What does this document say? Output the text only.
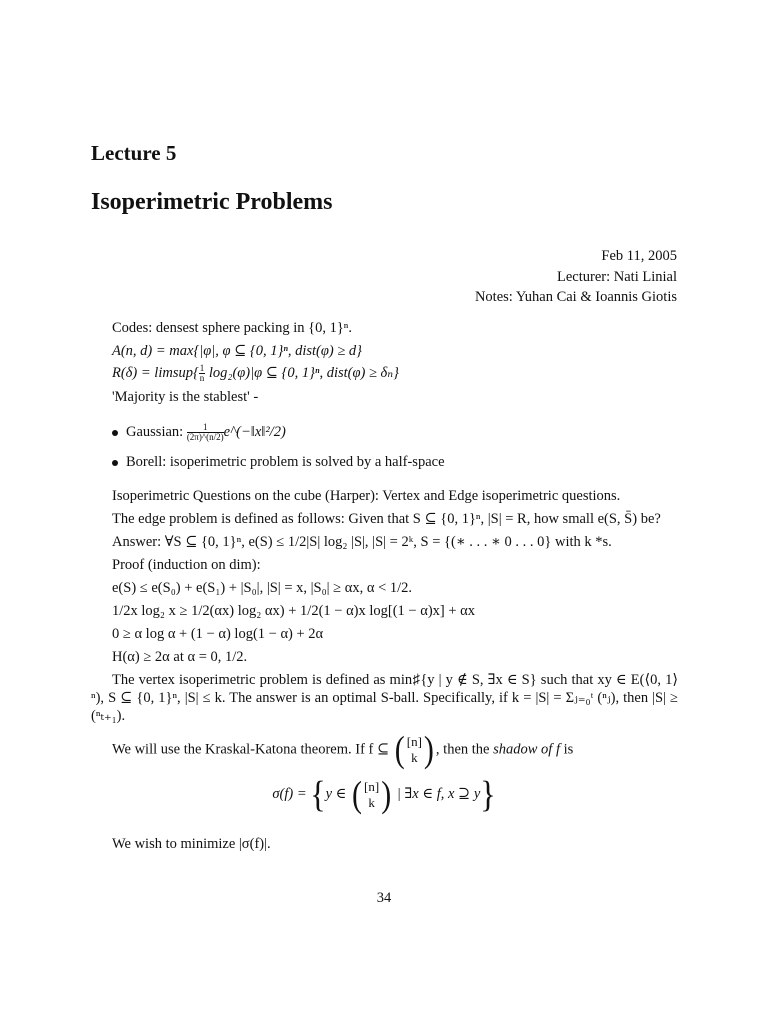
Lecture 5
Isoperimetric Problems
Feb 11, 2005
Lecturer: Nati Linial
Notes: Yuhan Cai & Ioannis Giotis
Codes: densest sphere packing in {0, 1}ⁿ.
A(n, d) = max{|φ|, φ ⊆ {0, 1}ⁿ, dist(φ) ≥ d}
R(δ) = limsup{ $\frac{1}{n} \log_2(\varphi)|\varphi$ ⊆ {0, 1}ⁿ, dist(φ) ≥ δₙ}
'Majority is the stablest' -
Gaussian: $\frac{1}{(2\pi)\^{}(n/2)}$ e^(−‖x‖²/2)
Borell: isoperimetric problem is solved by a half-space
Isoperimetric Questions on the cube (Harper): Vertex and Edge isoperimetric questions.
The edge problem is defined as follows: Given that S ⊆ {0, 1}ⁿ, |S| = R, how small e(S, S̄) be?
Answer: ∀S ⊆ {0, 1}ⁿ, e(S) ≤ 1/2|S| log₂ |S|, |S| = 2ᵏ, S = {(∗ . . . ∗ 0 . . . 0} with k *s.
Proof (induction on dim):
e(S) ≤ e(S₀) + e(S₁) + |S₀|, |S| = x, |S₀| ≥ αx, α < 1/2.
1/2x log₂ x ≥ 1/2(αx) log₂ αx) + 1/2(1 − α)x log[(1 − α)x] + αx
0 ≥ α log α + (1 − α) log(1 − α) + 2α
H(α) ≥ 2α at α = 0, 1/2.
The vertex isoperimetric problem is defined as min♯{y | y ∉ S, ∃x ∈ S} such that xy ∈ E(⟨0, 1⟩ⁿ), S ⊆ {0, 1}ⁿ, |S| ≤ k. The answer is an optimal S-ball. Specifically, if k = |S| = Σⱼ₌₀ᵗ (ⁿⱼ), then |S| ≥ (ⁿₜ₊₁).
We will use the Kraskal-Katona theorem. If f ⊆ ( [n]
k ) , then the shadow of f is
σ(f) = {y ∈ ( [n]
k ) | ∃x ∈ f, x ⊇ y}
We wish to minimize |σ(f)|.
34
